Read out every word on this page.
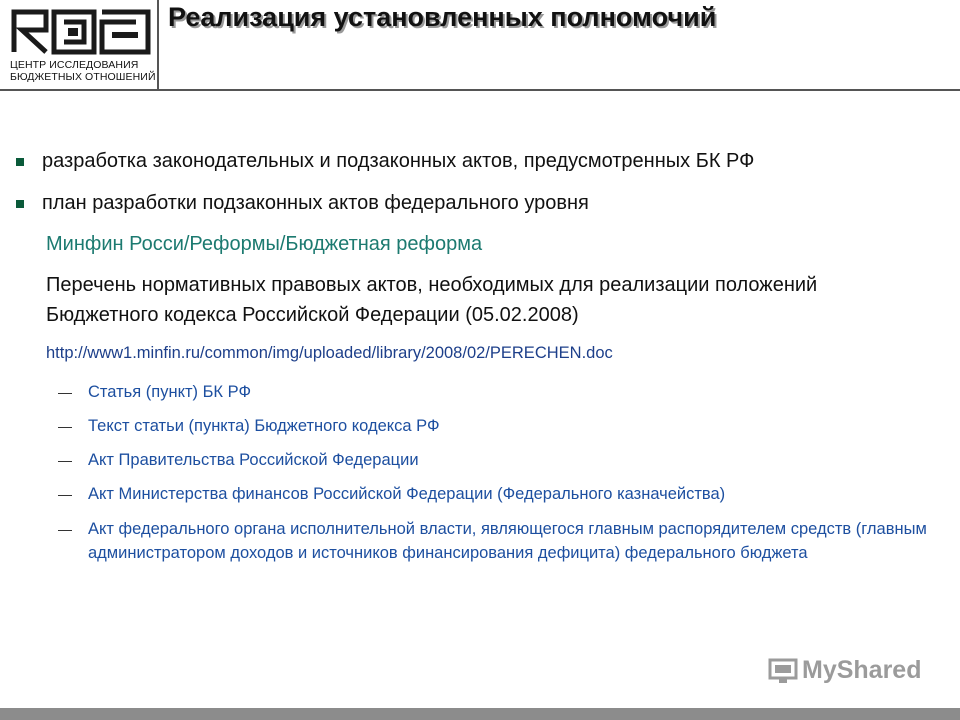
ЦЕНТР ИССЛЕДОВАНИЯ
БЮДЖЕТНЫХ ОТНОШЕНИЙ
Реализация установленных полномочий
разработка законодательных и подзаконных актов, предусмотренных БК РФ
план разработки подзаконных актов федерального уровня
Минфин Росси/Реформы/Бюджетная реформа
Перечень нормативных правовых актов, необходимых для реализации положений Бюджетного кодекса Российской Федерации (05.02.2008)
http://www1.minfin.ru/common/img/uploaded/library/2008/02/PERECHEN.doc
Статья (пункт) БК РФ
Текст статьи (пункта) Бюджетного кодекса РФ
Акт Правительства Российской Федерации
Акт Министерства финансов Российской Федерации (Федерального казначейства)
Акт федерального органа исполнительной власти, являющегося главным распорядителем средств (главным администратором доходов и источников финансирования дефицита) федерального бюджета
MyShared
